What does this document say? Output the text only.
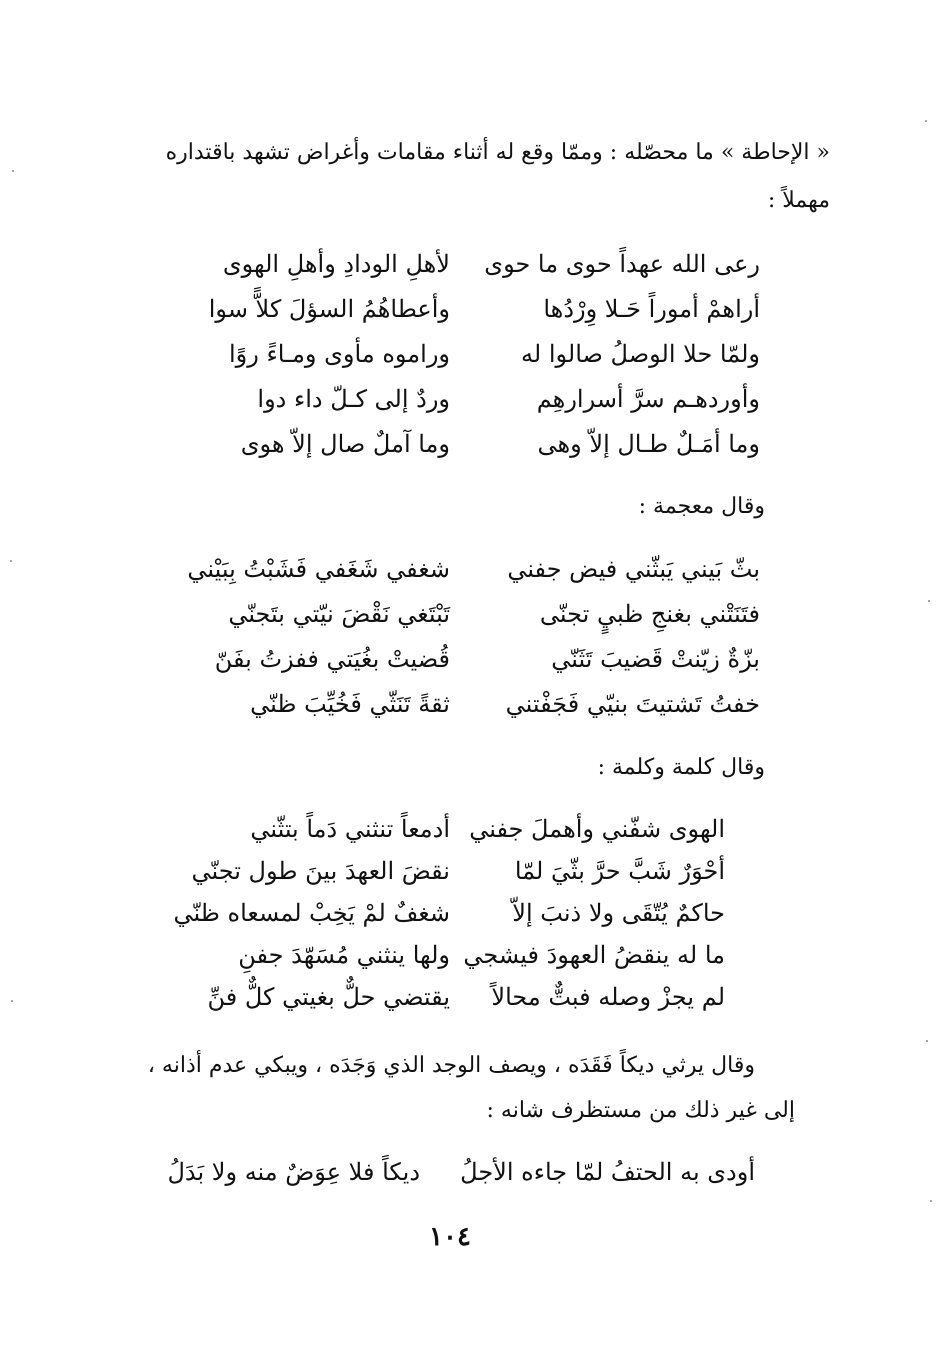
« الإحاطة » ما محصّله : وممّا وقع له أثناء مقامات وأغراض تشهد باقتداره
مهملاً :
رعى الله عهداً حوى ما حوى
لأهلِ الودادِ وأهلِ الهوى
أراهمْ أموراً حَـلا وِرْدُها
وأعطاهُمُ السؤلَ كلاًّ سوا
ولمّا حلا الوصلُ صالوا له
وراموه مأوى ومـاءً روًا
وأوردهـم سرَّ أسرارهِم
وردٌ إلى كـلّ داء دوا
وما أمَـلٌ طـال إلاّ وهى
وما آملٌ صال إلاّ هوى
وقال معجمة :
بثّ بَيني يَبثّني فيض جفني
شغفي شَغَفي فَشَبْتُ بِبَيْني
فتَنَتْني بغنجِ ظبيٍ تجنّى
تَبْتَغي نَقْضَ نيّتي بتَجنّي
بزّةٌ زيّنتْ قَضيبَ تَثَنّي
قُضيتْ بغُيَتي ففزتُ بفَنّ
خفتُ تَشتيتَ بنيّي فَجَفْتني
ثقةً تَنَثّي فَخُيِّبَ ظنّي
وقال كلمة وكلمة :
الهوى شفّني وأهملَ جفني
أدمعاً تنثني دَماً بتثّني
أحْوَرٌ شَبَّ حرَّ بثّيَ لمّا
نقضَ العهدَ بينَ طول تجنّي
حاكمٌ يُتّقَى ولا ذنبَ إلاّ
شغفٌ لمْ يَخِبْ لمسعاه ظنّي
ما له ينقضُ العهودَ فيشجي
ولها ينثني مُسَهّدَ جفنِ
لم يجزْ وصله فبتٌّ محالاً
يقتضي حلٌّ بغيتي كلٌّ فنِّ
وقال يرثي ديكاً فَقَدَه ، ويصف الوجد الذي وَجَدَه ، ويبكي عدم أذانه ،
إلى غير ذلك من مستظرف شانه :
أودى به الحتفُ لمّا جاءه الأجلُ
ديكاً فلا عِوَضٌ منه ولا بَدَلُ
١٠٤
